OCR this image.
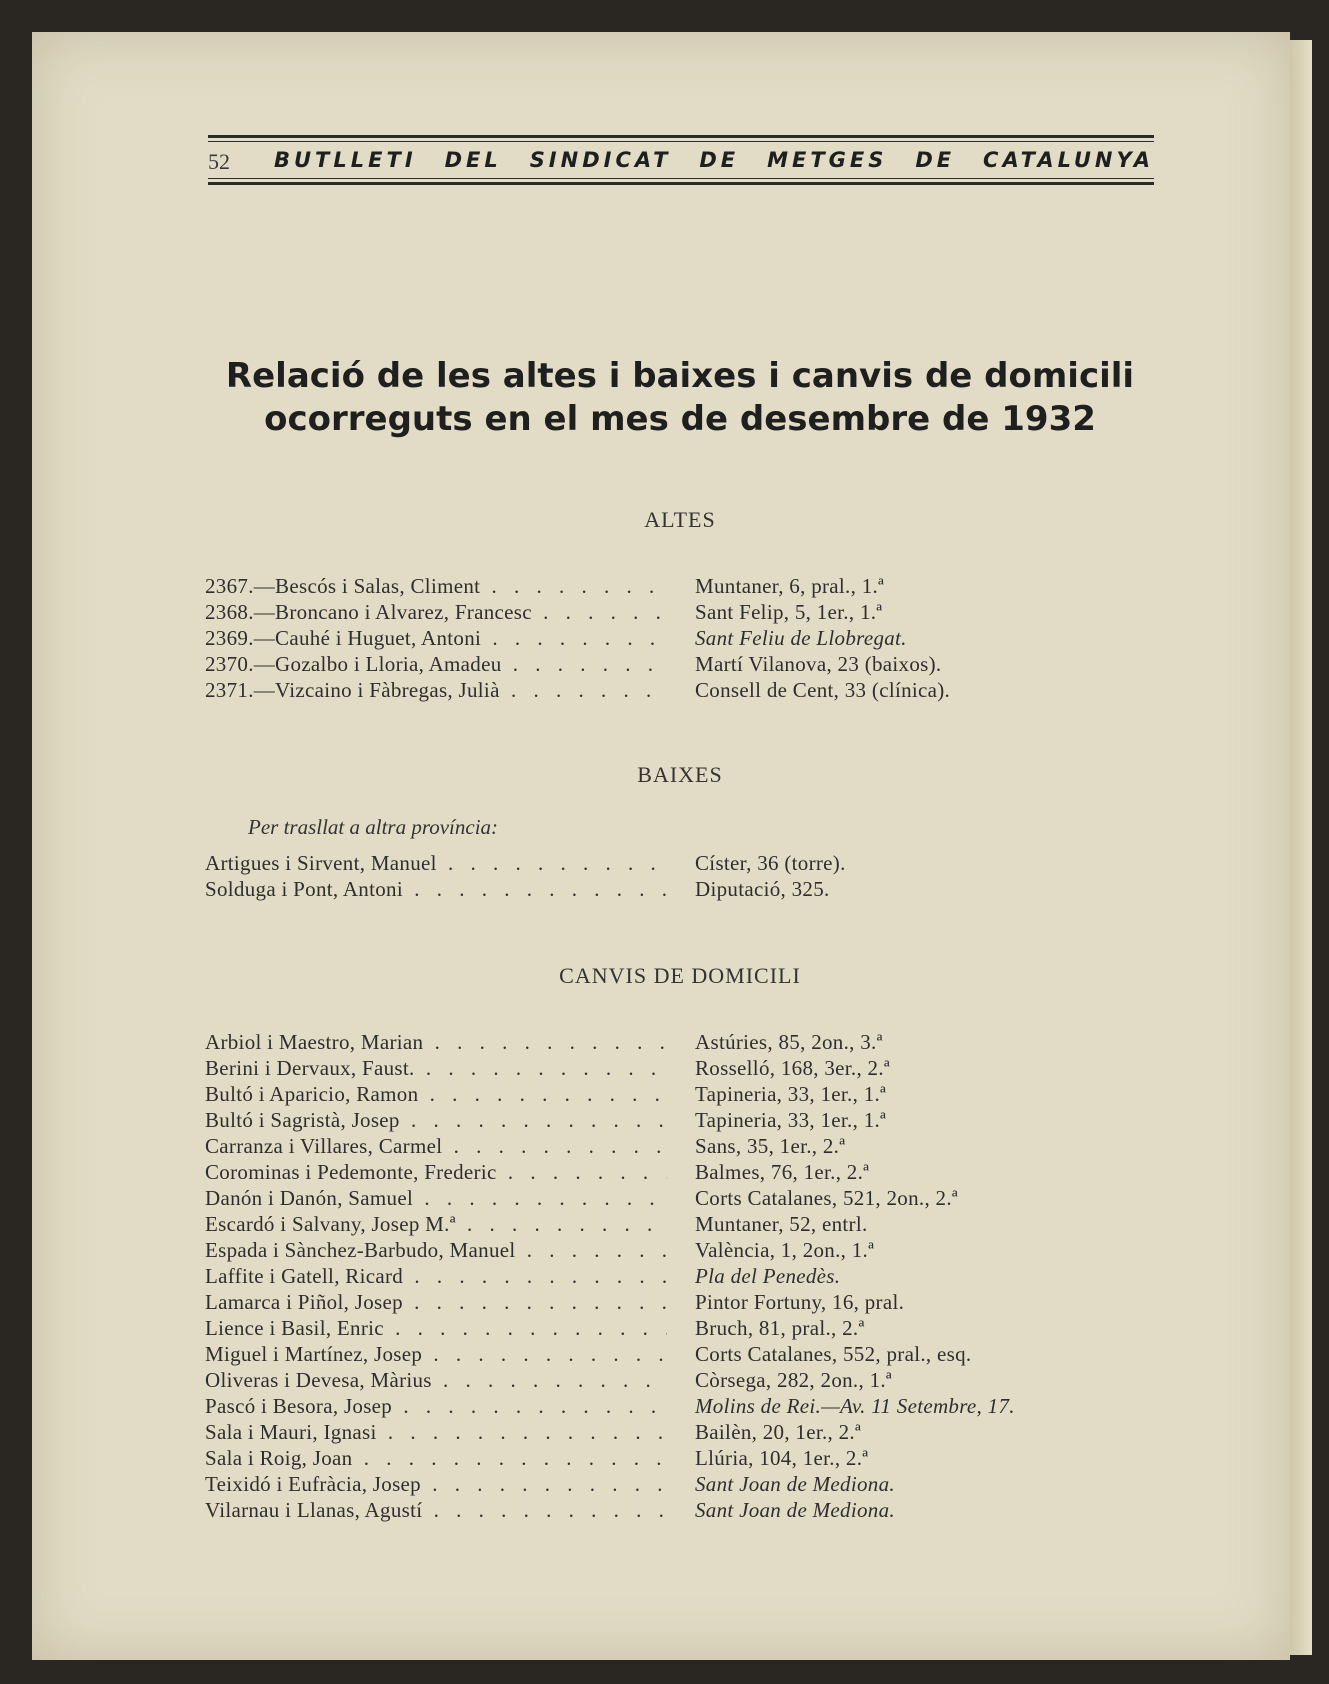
52 BUTLLETI DEL SINDICAT DE METGES DE CATALUNYA
Relació de les altes i baixes i canvis de domicili
ocorreguts en el mes de desembre de 1932
ALTES
2367.—Bescós i Salas, Climent . . .	Muntaner, 6, pral., 1.ª
2368.—Broncano i Alvarez, Francesc . . .	Sant Felip, 5, 1er., 1.ª
2369.—Cauhé i Huguet, Antoni . . .	Sant Feliu de Llobregat.
2370.—Gozalbo i Lloria, Amadeu . . .	Martí Vilanova, 23 (baixos).
2371.—Vizcaino i Fàbregas, Julià . . .	Consell de Cent, 33 (clínica).
BAIXES
Per trasllat a altra província:
Artigues i Sirvent, Manuel . . .	Císter, 36 (torre).
Solduga i Pont, Antoni . . .	Diputació, 325.
CANVIS DE DOMICILI
Arbiol i Maestro, Marian . . .	Astúries, 85, 2on., 3.ª
Berini i Dervaux, Faust. . . .	Rosselló, 168, 3er., 2.ª
Bultó i Aparicio, Ramon . . .	Tapineria, 33, 1er., 1.ª
Bultó i Sagristà, Josep . . .	Tapineria, 33, 1er., 1.ª
Carranza i Villares, Carmel . . .	Sans, 35, 1er., 2.ª
Corominas i Pedemonte, Frederic . . .	Balmes, 76, 1er., 2.ª
Danón i Danón, Samuel . . .	Corts Catalanes, 521, 2on., 2.ª
Escardó i Salvany, Josep M.ª . . .	Muntaner, 52, entrl.
Espada i Sànchez-Barbudo, Manuel . . .	València, 1, 2on., 1.ª
Laffite i Gatell, Ricard . . .	Pla del Penedès.
Lamarca i Piñol, Josep . . .	Pintor Fortuny, 16, pral.
Lience i Basil, Enric . . .	Bruch, 81, pral., 2.ª
Miguel i Martínez, Josep . . .	Corts Catalanes, 552, pral., esq.
Oliveras i Devesa, Màrius . . .	Còrsega, 282, 2on., 1.ª
Pascó i Besora, Josep . . .	Molins de Rei.—Av. 11 Setembre, 17.
Sala i Mauri, Ignasi . . .	Bailèn, 20, 1er., 2.ª
Sala i Roig, Joan . . .	Llúria, 104, 1er., 2.ª
Teixidó i Eufràcia, Josep . . .	Sant Joan de Mediona.
Vilarnau i Llanas, Agustí . . .	Sant Joan de Mediona.
